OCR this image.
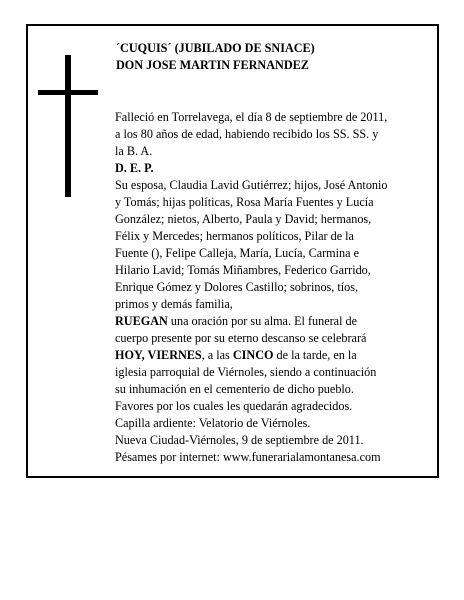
´CUQUIS´ (JUBILADO DE SNIACE)
DON JOSE MARTIN FERNANDEZ
Falleció en Torrelavega, el día 8 de septiembre de 2011,
a los 80 años de edad, habiendo recibido los SS. SS. y
la B. A.
D. E. P.
Su esposa, Claudia Lavid Gutiérrez; hijos, José Antonio
y Tomás; hijas políticas, Rosa María Fuentes y Lucía
González; nietos, Alberto, Paula y David; hermanos,
Félix y Mercedes; hermanos políticos, Pilar de la
Fuente (), Felipe Calleja, María, Lucía, Carmina e
Hilario Lavid; Tomás Miñambres, Federico Garrido,
Enrique Gómez y Dolores Castillo; sobrinos, tíos,
primos y demás familia,
RUEGAN una oración por su alma. El funeral de
cuerpo presente por su eterno descanso se celebrará
HOY, VIERNES, a las CINCO de la tarde, en la
iglesia parroquial de Viérnoles, siendo a continuación
su inhumación en el cementerio de dicho pueblo.
Favores por los cuales les quedarán agradecidos.
Capilla ardiente: Velatorio de Viérnoles.
Nueva Ciudad-Viérnoles, 9 de septiembre de 2011.
Pésames por internet: www.funerarialamontanesa.com
